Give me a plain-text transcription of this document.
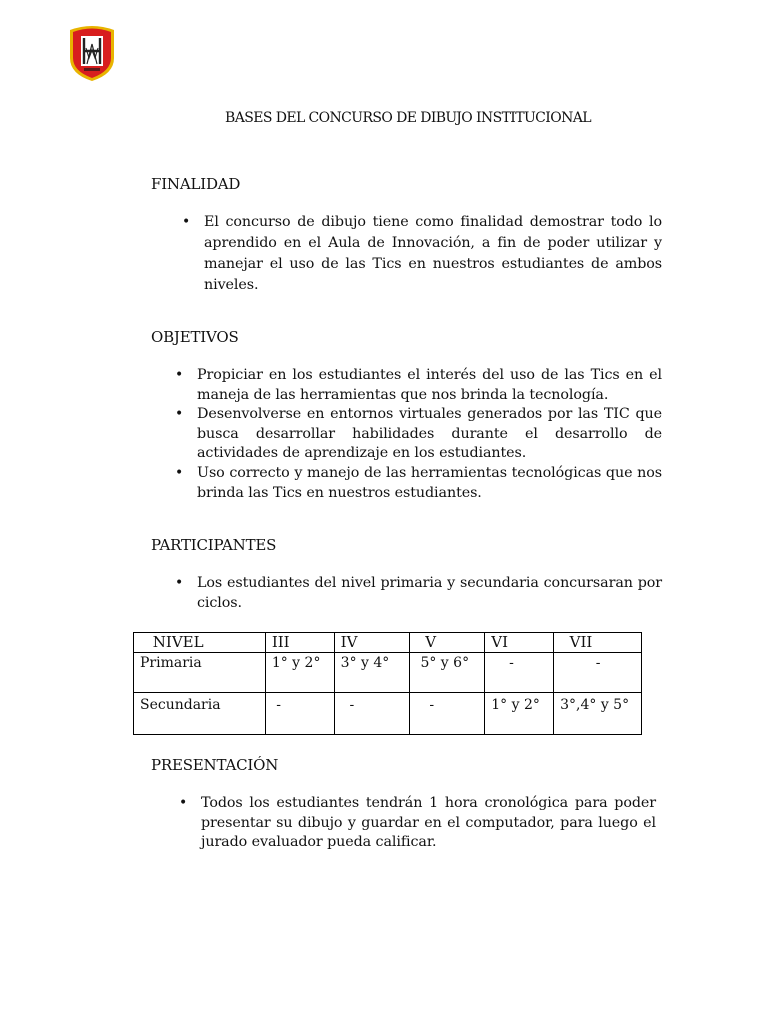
BASES DEL CONCURSO DE DIBUJO INSTITUCIONAL
FINALIDAD
• El concurso de dibujo tiene como finalidad demostrar todo lo aprendido en el Aula de Innovación, a fin de poder utilizar y manejar el uso de las Tics en nuestros estudiantes de ambos niveles.
OBJETIVOS
• Propiciar en los estudiantes el interés del uso de las Tics en el maneja de las herramientas que nos brinda la tecnología.
• Desenvolverse en entornos virtuales generados por las TIC que busca desarrollar habilidades durante el desarrollo de actividades de aprendizaje en los estudiantes.
• Uso correcto y manejo de las herramientas tecnológicas que nos brinda las Tics en nuestros estudiantes.
PARTICIPANTES
• Los estudiantes del nivel primaria y secundaria concursaran por ciclos.
NIVEL	III	IV	V	VI	VII
Primaria	1° y 2°	3° y 4°	5° y 6°	-	-
Secundaria	-	-	-	1° y 2°	3°,4° y 5°
PRESENTACIÓN
• Todos los estudiantes tendrán 1 hora cronológica para poder presentar su dibujo y guardar en el computador, para luego el jurado evaluador pueda calificar.
